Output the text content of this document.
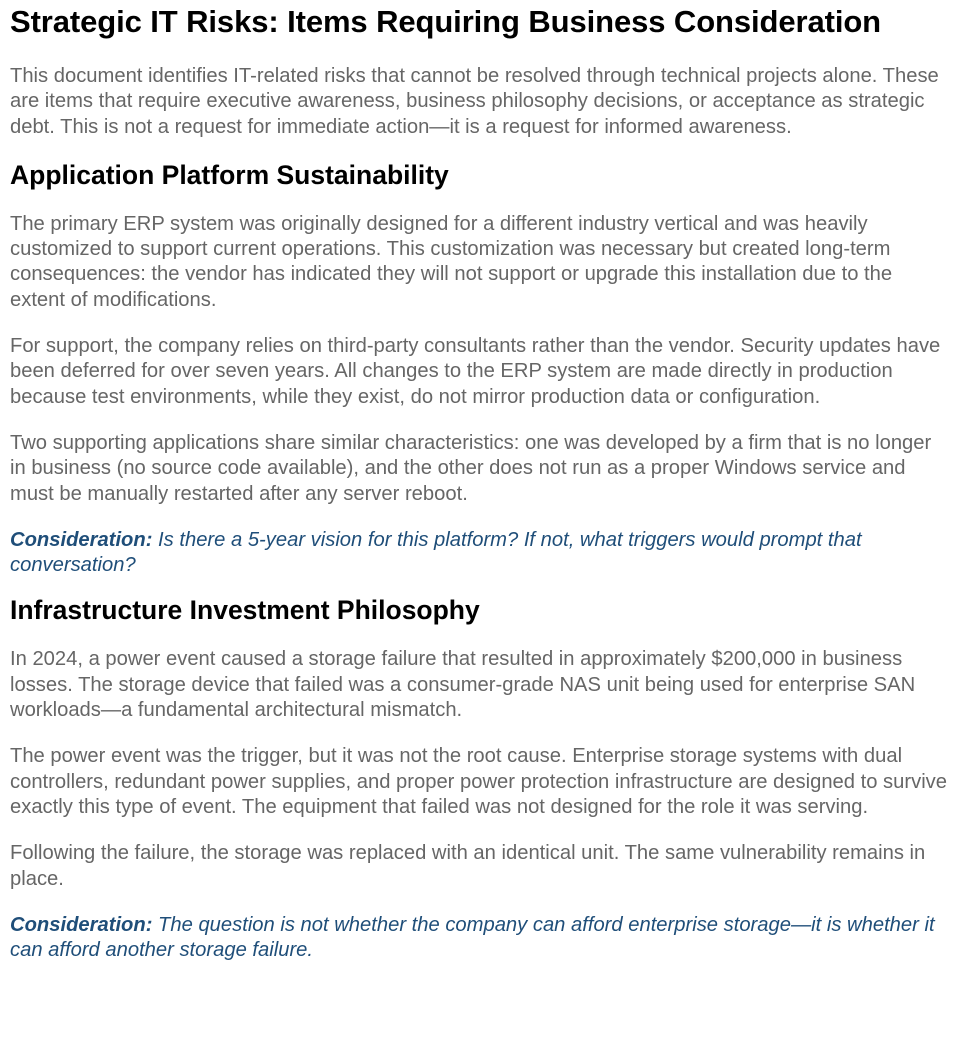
Strategic IT Risks: Items Requiring Business Consideration

This document identifies IT-related risks that cannot be resolved through technical projects alone. These are items that require executive awareness, business philosophy decisions, or acceptance as strategic debt. This is not a request for immediate action—it is a request for informed awareness.

Application Platform Sustainability

The primary ERP system was originally designed for a different industry vertical and was heavily customized to support current operations. This customization was necessary but created long-term consequences: the vendor has indicated they will not support or upgrade this installation due to the extent of modifications.

For support, the company relies on third-party consultants rather than the vendor. Security updates have been deferred for over seven years. All changes to the ERP system are made directly in production because test environments, while they exist, do not mirror production data or configuration.

Two supporting applications share similar characteristics: one was developed by a firm that is no longer in business (no source code available), and the other does not run as a proper Windows service and must be manually restarted after any server reboot.

Consideration: Is there a 5-year vision for this platform? If not, what triggers would prompt that conversation?

Infrastructure Investment Philosophy

In 2024, a power event caused a storage failure that resulted in approximately $200,000 in business losses. The storage device that failed was a consumer-grade NAS unit being used for enterprise SAN workloads—a fundamental architectural mismatch.

The power event was the trigger, but it was not the root cause. Enterprise storage systems with dual controllers, redundant power supplies, and proper power protection infrastructure are designed to survive exactly this type of event. The equipment that failed was not designed for the role it was serving.

Following the failure, the storage was replaced with an identical unit. The same vulnerability remains in place.

Consideration: The question is not whether the company can afford enterprise storage—it is whether it can afford another storage failure.
